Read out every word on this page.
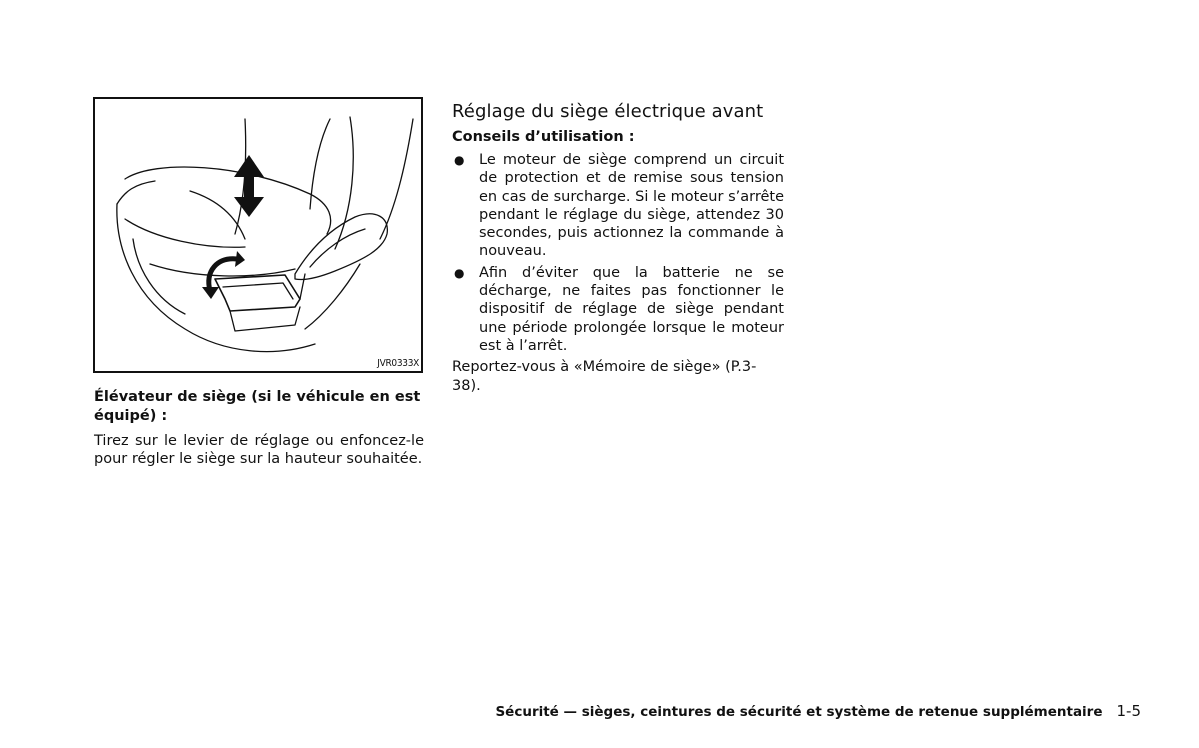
JVR0333X

Élévateur de siège (si le véhicule en est équipé) :

Tirez sur le levier de réglage ou enfoncez-le pour régler le siège sur la hauteur souhaitée.

Réglage du siège électrique avant

Conseils d’utilisation :

● Le moteur de siège comprend un circuit de protection et de remise sous tension en cas de surcharge. Si le moteur s’arrête pendant le réglage du siège, attendez 30 secondes, puis actionnez la commande à nouveau.
● Afin d’éviter que la batterie ne se décharge, ne faites pas fonctionner le dispositif de réglage de siège pendant une période prolongée lorsque le moteur est à l’arrêt.

Reportez-vous à «Mémoire de siège» (P.3-38).

Sécurité — sièges, ceintures de sécurité et système de retenue supplémentaire 1-5
